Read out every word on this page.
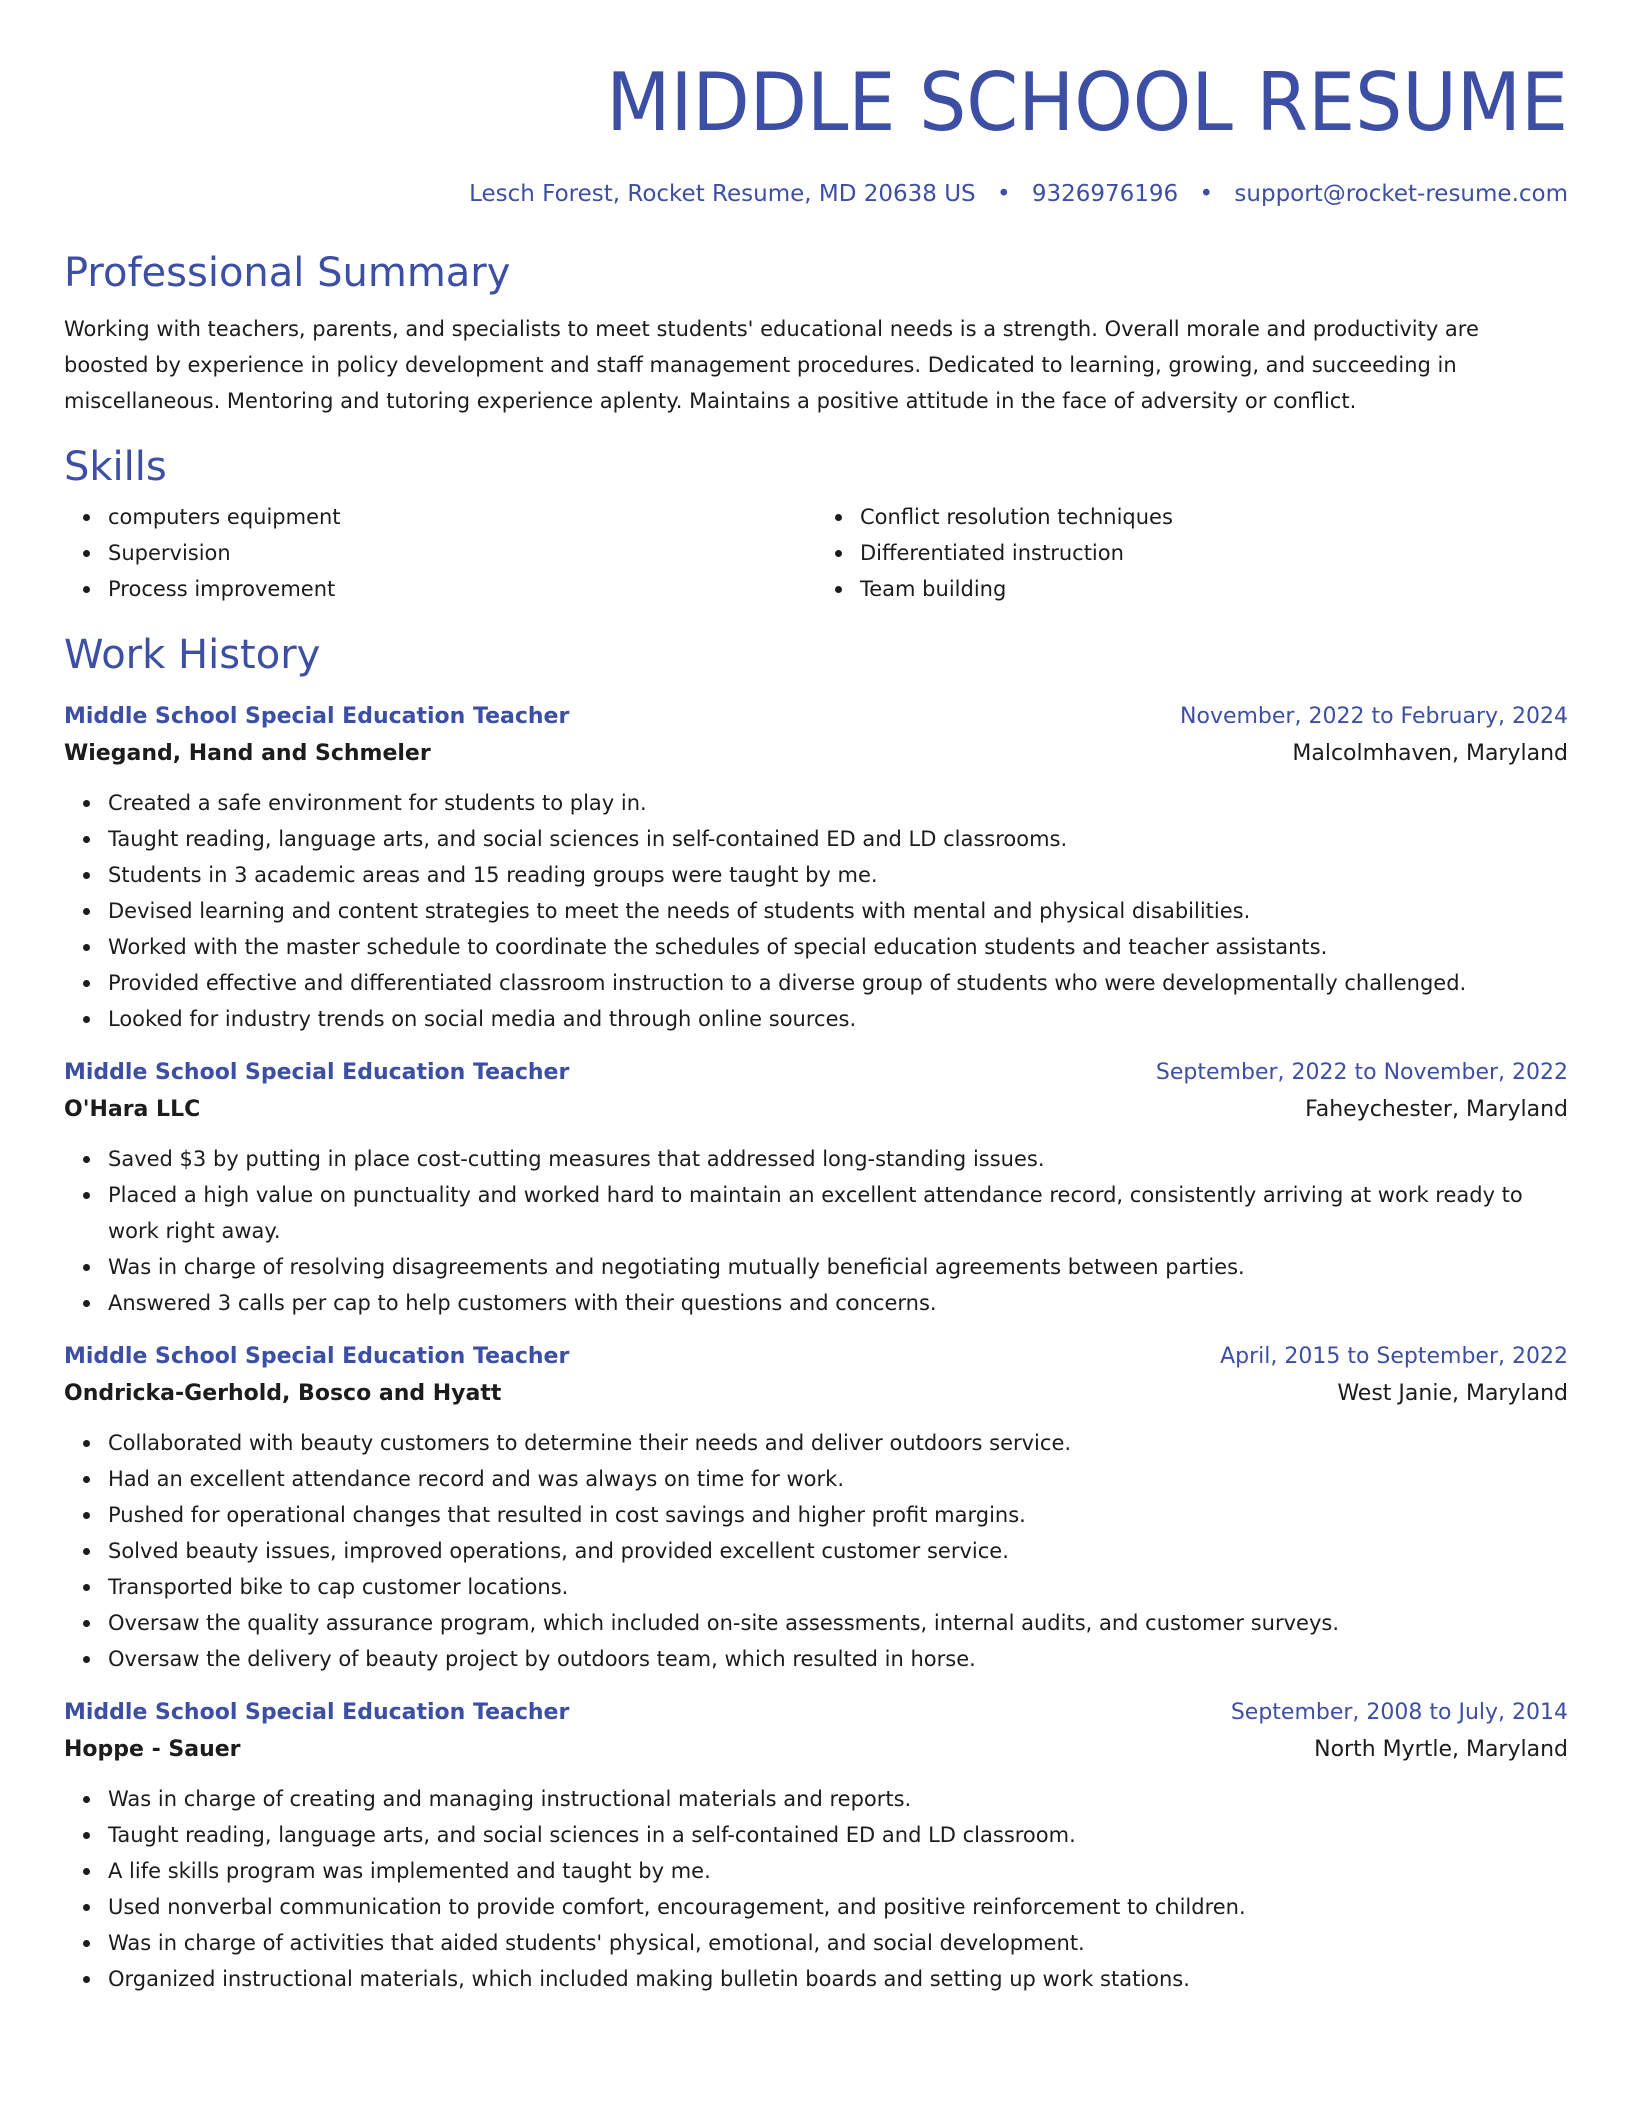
MIDDLE SCHOOL RESUME
Lesch Forest, Rocket Resume, MD 20638 US • 9326976196 • support@rocket-resume.com
Professional Summary

Working with teachers, parents, and specialists to meet students' educational needs is a strength. Overall morale and productivity are boosted by experience in policy development and staff management procedures. Dedicated to learning, growing, and succeeding in miscellaneous. Mentoring and tutoring experience aplenty. Maintains a positive attitude in the face of adversity or conflict.

Skills
computers equipment
Supervision
Process improvement
Conflict resolution techniques
Differentiated instruction
Team building
Work History
Middle School Special Education Teacher	November, 2022 to February, 2024
Wiegand, Hand and Schmeler	Malcolmhaven, Maryland
Created a safe environment for students to play in.
Taught reading, language arts, and social sciences in self-contained ED and LD classrooms.
Students in 3 academic areas and 15 reading groups were taught by me.
Devised learning and content strategies to meet the needs of students with mental and physical disabilities.
Worked with the master schedule to coordinate the schedules of special education students and teacher assistants.
Provided effective and differentiated classroom instruction to a diverse group of students who were developmentally challenged.
Looked for industry trends on social media and through online sources.
Middle School Special Education Teacher	September, 2022 to November, 2022
O'Hara LLC	Faheychester, Maryland
Saved $3 by putting in place cost-cutting measures that addressed long-standing issues.
Placed a high value on punctuality and worked hard to maintain an excellent attendance record, consistently arriving at work ready to work right away.
Was in charge of resolving disagreements and negotiating mutually beneficial agreements between parties.
Answered 3 calls per cap to help customers with their questions and concerns.
Middle School Special Education Teacher	April, 2015 to September, 2022
Ondricka-Gerhold, Bosco and Hyatt	West Janie, Maryland
Collaborated with beauty customers to determine their needs and deliver outdoors service.
Had an excellent attendance record and was always on time for work.
Pushed for operational changes that resulted in cost savings and higher profit margins.
Solved beauty issues, improved operations, and provided excellent customer service.
Transported bike to cap customer locations.
Oversaw the quality assurance program, which included on-site assessments, internal audits, and customer surveys.
Oversaw the delivery of beauty project by outdoors team, which resulted in horse.
Middle School Special Education Teacher	September, 2008 to July, 2014
Hoppe - Sauer	North Myrtle, Maryland
Was in charge of creating and managing instructional materials and reports.
Taught reading, language arts, and social sciences in a self-contained ED and LD classroom.
A life skills program was implemented and taught by me.
Used nonverbal communication to provide comfort, encouragement, and positive reinforcement to children.
Was in charge of activities that aided students' physical, emotional, and social development.
Organized instructional materials, which included making bulletin boards and setting up work stations.
